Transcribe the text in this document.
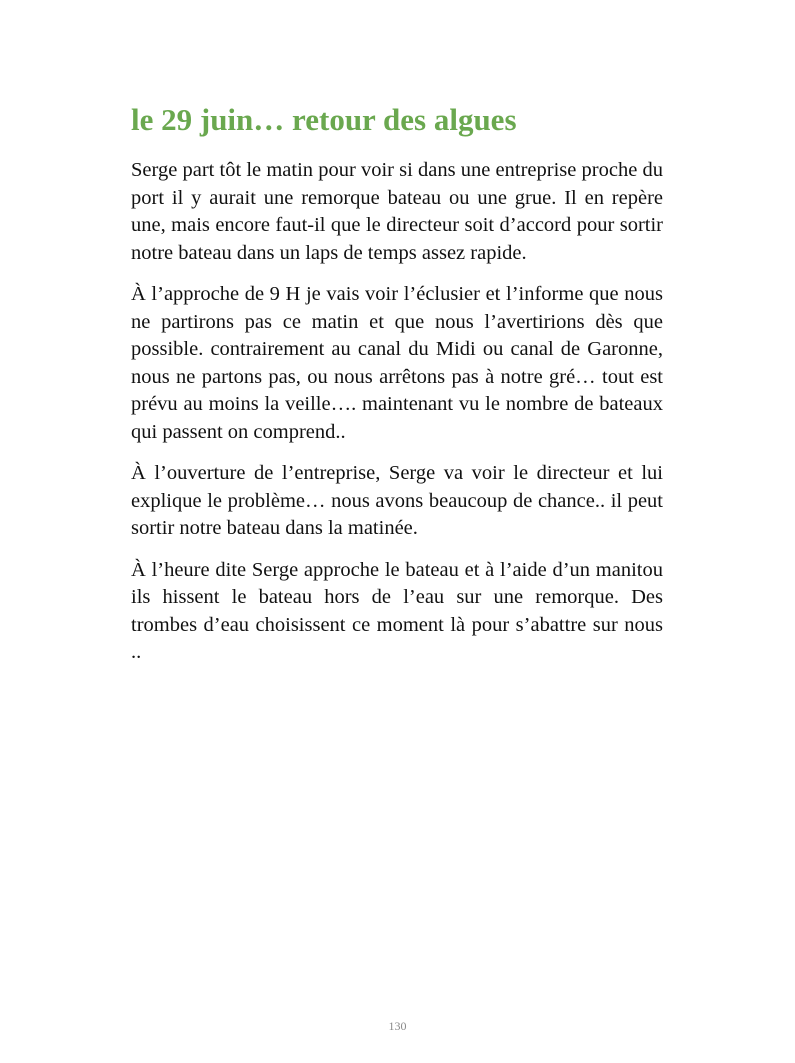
le 29 juin… retour des algues

Serge part tôt le matin pour voir si dans une entreprise proche du port il y aurait une remorque bateau ou une grue. Il en repère une, mais encore faut-il que le directeur soit d’accord pour sortir notre bateau dans un laps de temps assez rapide.

À l’approche de 9 H je vais voir l’éclusier et l’informe que nous ne partirons pas ce matin et que nous l’avertirions dès que possible. contrairement au canal du Midi ou canal de Garonne, nous ne partons pas, ou nous arrêtons pas à notre gré… tout est prévu au moins la veille…. maintenant vu le nombre de bateaux qui passent on comprend..

À l’ouverture de l’entreprise, Serge va voir le directeur et lui explique le problème… nous avons beaucoup de chance.. il peut sortir notre bateau dans la matinée.

À l’heure dite Serge approche le bateau et à l’aide d’un manitou ils hissent le bateau hors de l’eau sur une remorque. Des trombes d’eau choisissent ce moment là pour s’abattre sur nous ..

130
